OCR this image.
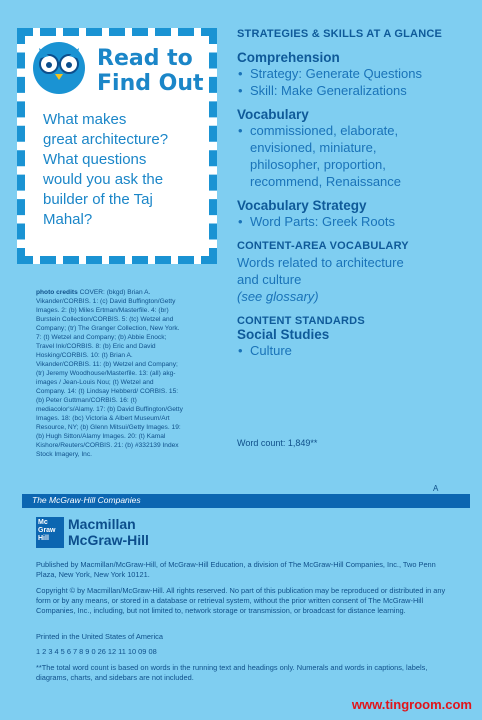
Read to
Find Out
What makes
great architecture?
What questions
would you ask the
builder of the Taj
Mahal?
STRATEGIES & SKILLS AT A GLANCE
Comprehension
• Strategy: Generate Questions
• Skill: Make Generalizations
Vocabulary
• commissioned, elaborate,
envisioned, miniature,
philosopher, proportion,
recommend, Renaissance
Vocabulary Strategy
• Word Parts: Greek Roots
CONTENT-AREA VOCABULARY
Words related to architecture
and culture
(see glossary)
CONTENT STANDARDS
Social Studies
• Culture
photo credits COVER: (bkgd) Brian A. Vikander/CORBIS. 1: (c) David Buffington/Getty Images. 2: (b) Miles Ertman/Masterfile. 4: (br) Burstein Collection/CORBIS. 5: (tc) Wetzel and Company; (tr) The Granger Collection, New York. 7: (t) Wetzel and Company; (b) Abbie Enock; Travel Ink/CORBIS. 8: (b) Eric and David Hosking/CORBIS. 10: (t) Brian A. Vikander/CORBIS. 11: (b) Wetzel and Company; (tr) Jeremy Woodhouse/Masterfile. 13: (all) akg-images / Jean-Louis Nou; (t) Wetzel and Company. 14: (t) Lindsay Hebberd/ CORBIS. 15: (b) Peter Guttman/CORBIS. 16: (t) mediacolor's/Alamy. 17: (b) David Buffington/Getty Images. 18: (bc) Victoria & Albert Museum/Art Resource, NY; (b) Glenn Mitsui/Getty Images. 19: (b) Hugh Sitton/Alamy Images. 20: (t) Kamal Kishore/Reuters/CORBIS. 21: (b) #332139 Index Stock Imagery, Inc.
Word count: 1,849**
A
The McGraw·Hill Companies
Mc Graw Hill
Macmillan
McGraw-Hill
Published by Macmillan/McGraw-Hill, of McGraw-Hill Education, a division of The McGraw-Hill Companies, Inc., Two Penn Plaza, New York, New York 10121.
Copyright © by Macmillan/McGraw-Hill. All rights reserved. No part of this publication may be reproduced or distributed in any form or by any means, or stored in a database or retrieval system, without the prior written consent of The McGraw-Hill Companies, Inc., including, but not limited to, network storage or transmission, or broadcast for distance learning.
Printed in the United States of America
1 2 3 4 5 6 7 8 9 0 26 12 11 10 09 08
**The total word count is based on words in the running text and headings only. Numerals and words in captions, labels, diagrams, charts, and sidebars are not included.
www.tingroom.com
